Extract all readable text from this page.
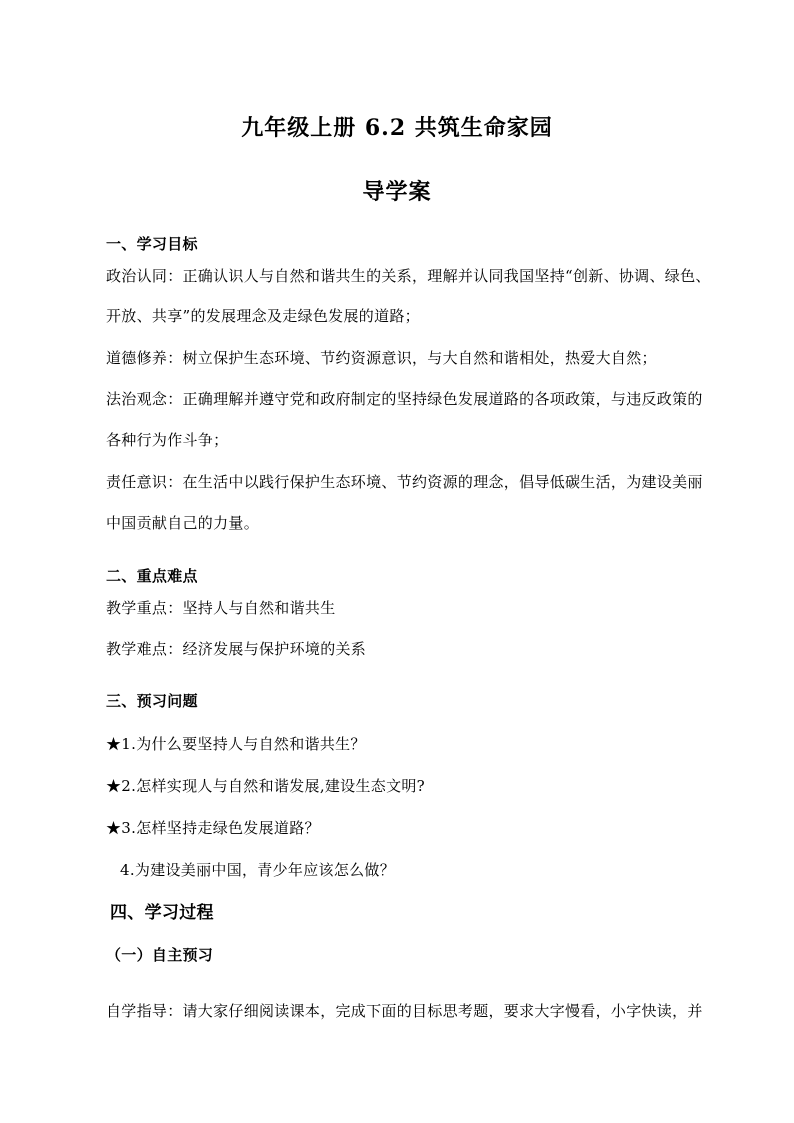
九年级上册 6.2 共筑生命家园
导学案
一、学习目标
政治认同：正确认识人与自然和谐共生的关系，理解并认同我国坚持“创新、协调、绿色、
开放、共享”的发展理念及走绿色发展的道路；
道德修养：树立保护生态环境、节约资源意识，与大自然和谐相处，热爱大自然；
法治观念：正确理解并遵守党和政府制定的坚持绿色发展道路的各项政策，与违反政策的
各种行为作斗争；
责任意识：在生活中以践行保护生态环境、节约资源的理念，倡导低碳生活，为建设美丽
中国贡献自己的力量。
二、重点难点
教学重点：坚持人与自然和谐共生
教学难点：经济发展与保护环境的关系
三、预习问题
★1.为什么要坚持人与自然和谐共生？
★2.怎样实现人与自然和谐发展,建设生态文明?
★3.怎样坚持走绿色发展道路？
4.为建设美丽中国，青少年应该怎么做？
四、学习过程
（一）自主预习
自学指导：请大家仔细阅读课本，完成下面的目标思考题，要求大字慢看，小字快读，并
